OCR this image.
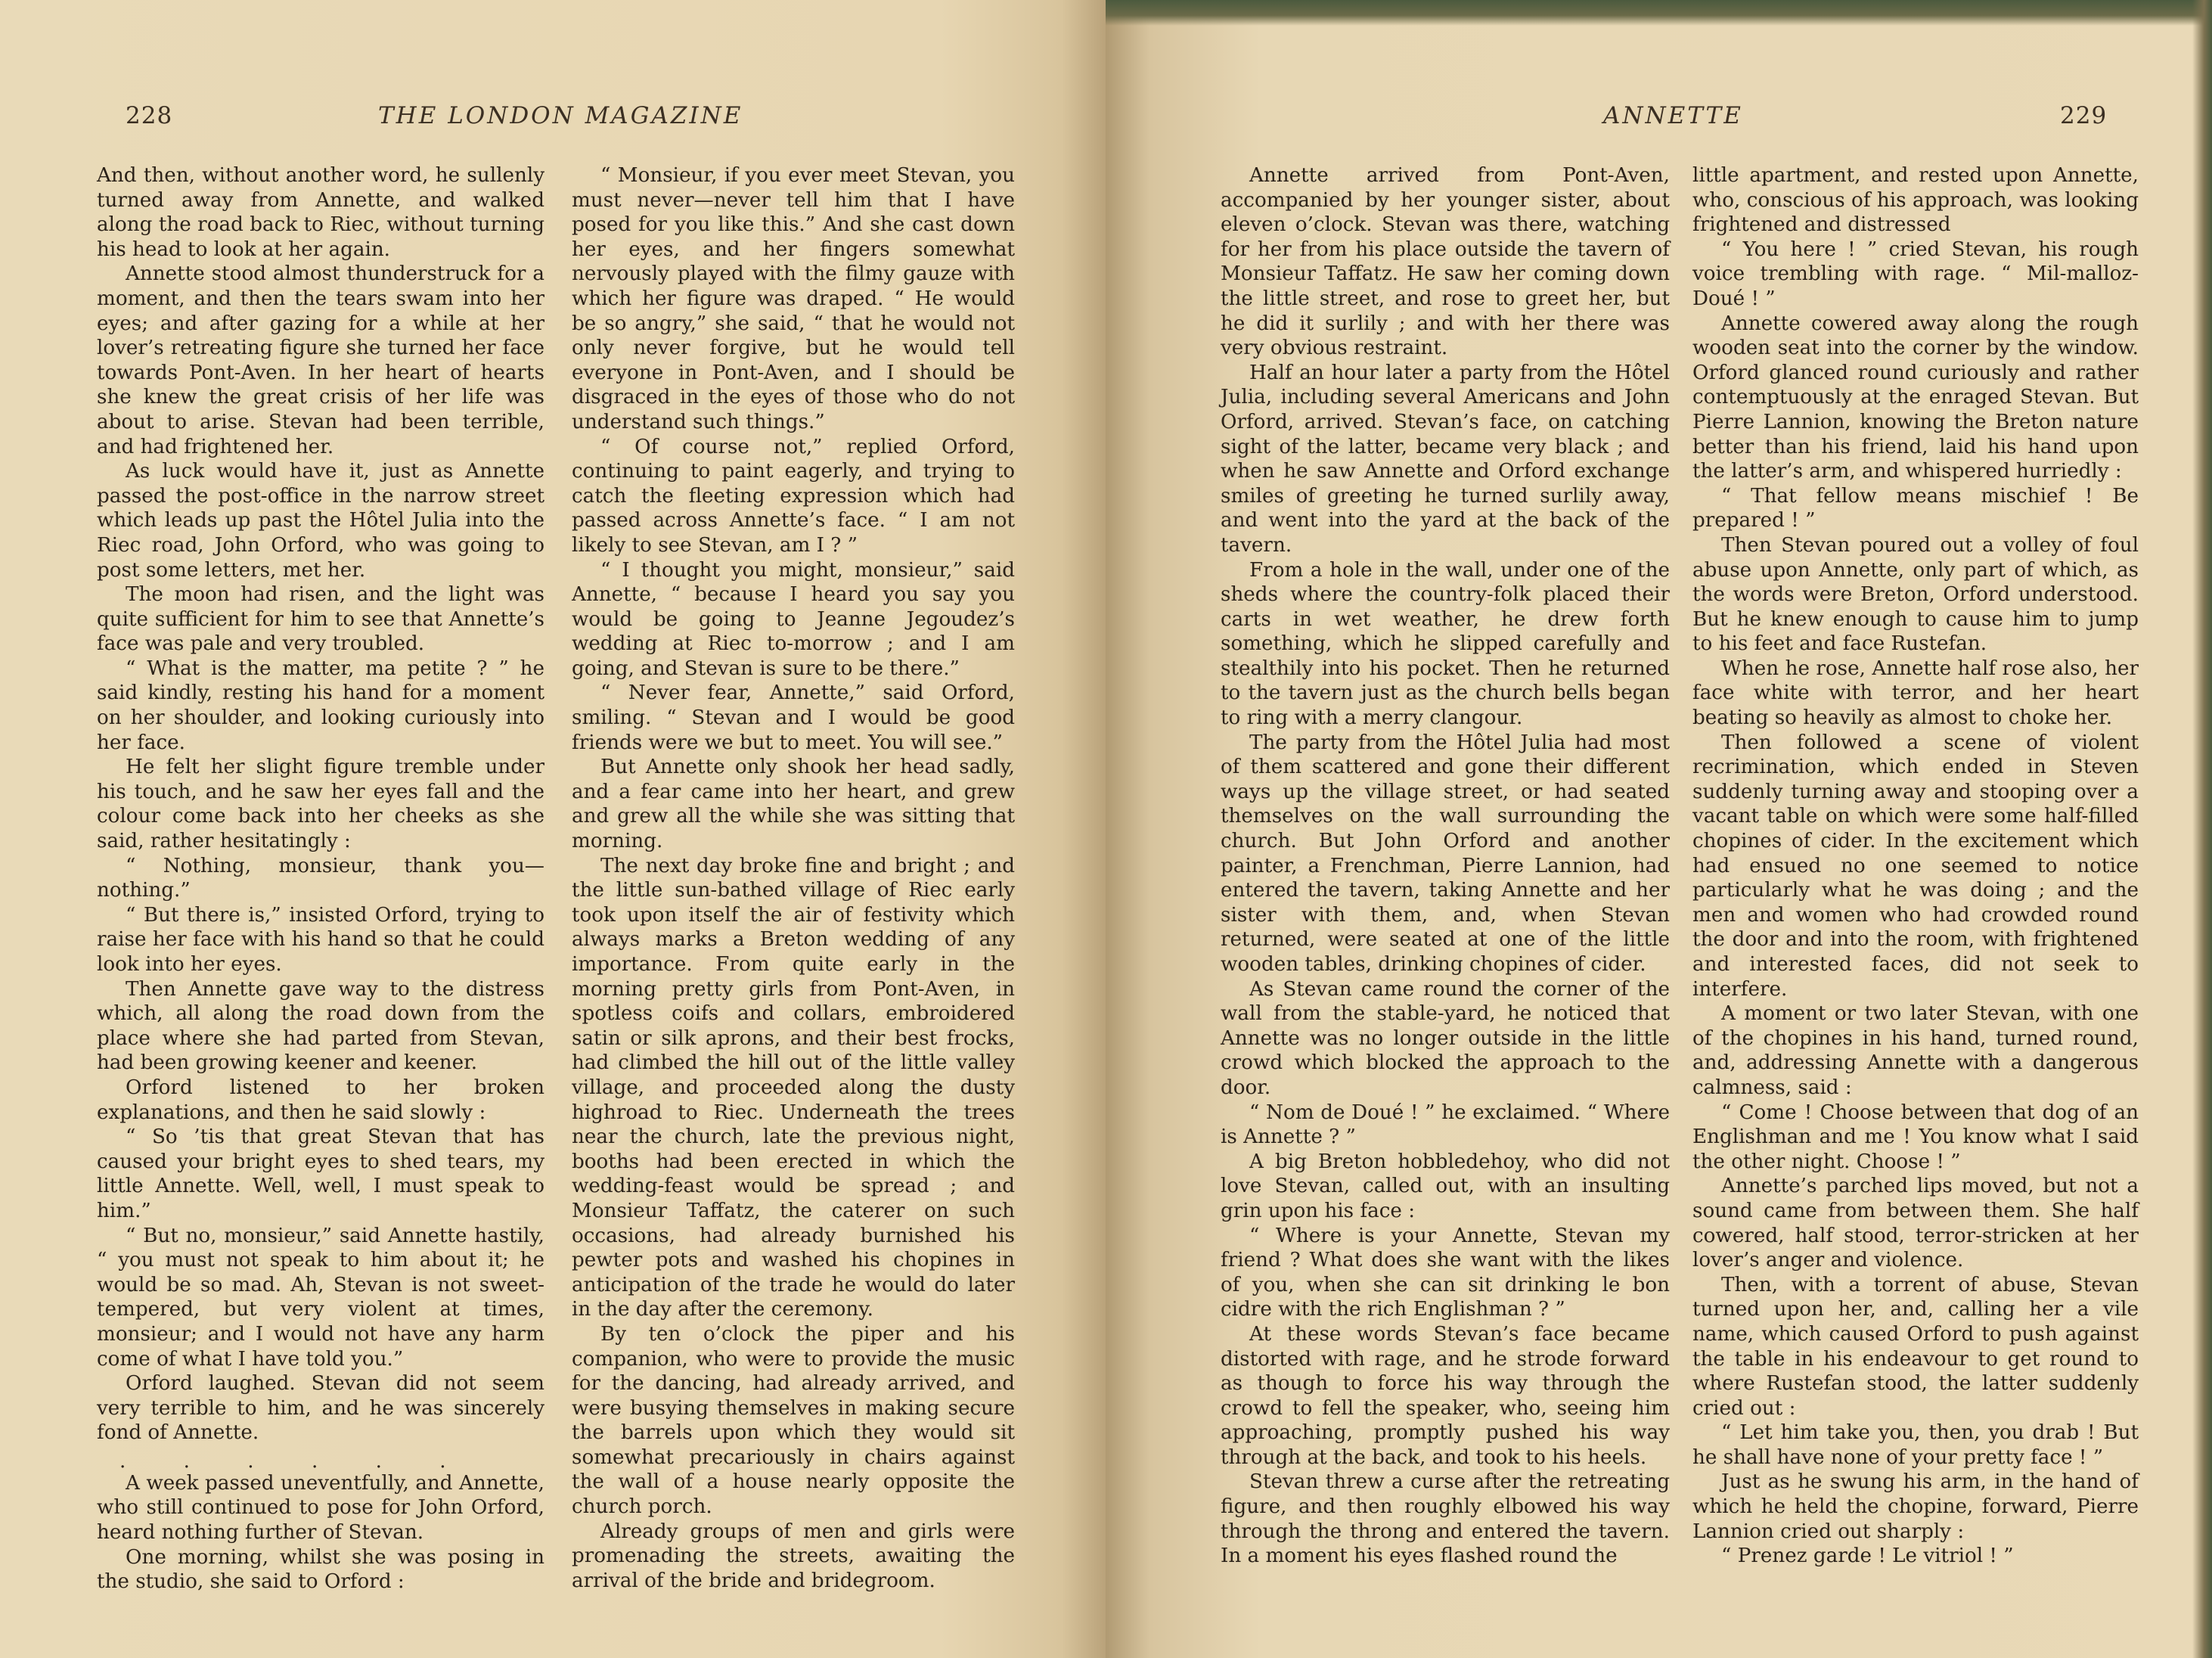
228	THE LONDON MAGAZINE

And then, without another word, he sullenly turned away from Annette, and walked along the road back to Riec, without turning his head to look at her again.

Annette stood almost thunderstruck for a moment, and then the tears swam into her eyes; and after gazing for a while at her lover’s retreating figure she turned her face towards Pont-Aven. In her heart of hearts she knew the great crisis of her life was about to arise. Stevan had been terrible, and had frightened her.

As luck would have it, just as Annette passed the post-office in the narrow street which leads up past the Hôtel Julia into the Riec road, John Orford, who was going to post some letters, met her.

The moon had risen, and the light was quite sufficient for him to see that Annette’s face was pale and very troubled.

“ What is the matter, ma petite ? ” he said kindly, resting his hand for a moment on her shoulder, and looking curiously into her face.

He felt her slight figure tremble under his touch, and he saw her eyes fall and the colour come back into her cheeks as she said, rather hesitatingly :

“ Nothing, monsieur, thank you—nothing.”

“ But there is,” insisted Orford, trying to raise her face with his hand so that he could look into her eyes.

Then Annette gave way to the distress which, all along the road down from the place where she had parted from Stevan, had been growing keener and keener.

Orford listened to her broken explanations, and then he said slowly :

“ So ’tis that great Stevan that has caused your bright eyes to shed tears, my little Annette. Well, well, I must speak to him.”

“ But no, monsieur,” said Annette hastily, “ you must not speak to him about it; he would be so mad. Ah, Stevan is not sweet-tempered, but very violent at times, monsieur; and I would not have any harm come of what I have told you.”

Orford laughed. Stevan did not seem very terrible to him, and he was sincerely fond of Annette.

. . . . . .

A week passed uneventfully, and Annette, who still continued to pose for John Orford, heard nothing further of Stevan.

One morning, whilst she was posing in the studio, she said to Orford :

“ Monsieur, if you ever meet Stevan, you must never—never tell him that I have posed for you like this.” And she cast down her eyes, and her fingers somewhat nervously played with the filmy gauze with which her figure was draped. “ He would be so angry,” she said, “ that he would not only never forgive, but he would tell everyone in Pont-Aven, and I should be disgraced in the eyes of those who do not understand such things.”

“ Of course not,” replied Orford, continuing to paint eagerly, and trying to catch the fleeting expression which had passed across Annette’s face. “ I am not likely to see Stevan, am I ? ”

“ I thought you might, monsieur,” said Annette, “ because I heard you say you would be going to Jeanne Jegoudez’s wedding at Riec to-morrow ; and I am going, and Stevan is sure to be there.”

“ Never fear, Annette,” said Orford, smiling. “ Stevan and I would be good friends were we but to meet. You will see.”

But Annette only shook her head sadly, and a fear came into her heart, and grew and grew all the while she was sitting that morning.

The next day broke fine and bright ; and the little sun-bathed village of Riec early took upon itself the air of festivity which always marks a Breton wedding of any importance. From quite early in the morning pretty girls from Pont-Aven, in spotless coifs and collars, embroidered satin or silk aprons, and their best frocks, had climbed the hill out of the little valley village, and proceeded along the dusty highroad to Riec. Underneath the trees near the church, late the previous night, booths had been erected in which the wedding-feast would be spread ; and Monsieur Taffatz, the caterer on such occasions, had already burnished his pewter pots and washed his chopines in anticipation of the trade he would do later in the day after the ceremony.

By ten o’clock the piper and his companion, who were to provide the music for the dancing, had already arrived, and were busying themselves in making secure the barrels upon which they would sit somewhat precariously in chairs against the wall of a house nearly opposite the church porch.

Already groups of men and girls were promenading the streets, awaiting the arrival of the bride and bridegroom.

ANNETTE	229

Annette arrived from Pont-Aven, accompanied by her younger sister, about eleven o’clock. Stevan was there, watching for her from his place outside the tavern of Monsieur Taffatz. He saw her coming down the little street, and rose to greet her, but he did it surlily ; and with her there was very obvious restraint.

Half an hour later a party from the Hôtel Julia, including several Americans and John Orford, arrived. Stevan’s face, on catching sight of the latter, became very black ; and when he saw Annette and Orford exchange smiles of greeting he turned surlily away, and went into the yard at the back of the tavern.

From a hole in the wall, under one of the sheds where the country-folk placed their carts in wet weather, he drew forth something, which he slipped carefully and stealthily into his pocket. Then he returned to the tavern just as the church bells began to ring with a merry clangour.

The party from the Hôtel Julia had most of them scattered and gone their different ways up the village street, or had seated themselves on the wall surrounding the church. But John Orford and another painter, a Frenchman, Pierre Lannion, had entered the tavern, taking Annette and her sister with them, and, when Stevan returned, were seated at one of the little wooden tables, drinking chopines of cider.

As Stevan came round the corner of the wall from the stable-yard, he noticed that Annette was no longer outside in the little crowd which blocked the approach to the door.

“ Nom de Doué ! ” he exclaimed. “ Where is Annette ? ”

A big Breton hobbledehoy, who did not love Stevan, called out, with an insulting grin upon his face :

“ Where is your Annette, Stevan my friend ? What does she want with the likes of you, when she can sit drinking le bon cidre with the rich Englishman ? ”

At these words Stevan’s face became distorted with rage, and he strode forward as though to force his way through the crowd to fell the speaker, who, seeing him approaching, promptly pushed his way through at the back, and took to his heels.

Stevan threw a curse after the retreating figure, and then roughly elbowed his way through the throng and entered the tavern. In a moment his eyes flashed round the

little apartment, and rested upon Annette, who, conscious of his approach, was looking frightened and distressed

“ You here ! ” cried Stevan, his rough voice trembling with rage. “ Mil-malloz-Doué ! ”

Annette cowered away along the rough wooden seat into the corner by the window. Orford glanced round curiously and rather contemptuously at the enraged Stevan. But Pierre Lannion, knowing the Breton nature better than his friend, laid his hand upon the latter’s arm, and whispered hurriedly :

“ That fellow means mischief ! Be prepared ! ”

Then Stevan poured out a volley of foul abuse upon Annette, only part of which, as the words were Breton, Orford understood. But he knew enough to cause him to jump to his feet and face Rustefan.

When he rose, Annette half rose also, her face white with terror, and her heart beating so heavily as almost to choke her.

Then followed a scene of violent recrimination, which ended in Steven suddenly turning away and stooping over a vacant table on which were some half-filled chopines of cider. In the excitement which had ensued no one seemed to notice particularly what he was doing ; and the men and women who had crowded round the door and into the room, with frightened and interested faces, did not seek to interfere.

A moment or two later Stevan, with one of the chopines in his hand, turned round, and, addressing Annette with a dangerous calmness, said :

“ Come ! Choose between that dog of an Englishman and me ! You know what I said the other night. Choose ! ”

Annette’s parched lips moved, but not a sound came from between them. She half cowered, half stood, terror-stricken at her lover’s anger and violence.

Then, with a torrent of abuse, Stevan turned upon her, and, calling her a vile name, which caused Orford to push against the table in his endeavour to get round to where Rustefan stood, the latter suddenly cried out :

“ Let him take you, then, you drab ! But he shall have none of your pretty face ! ”

Just as he swung his arm, in the hand of which he held the chopine, forward, Pierre Lannion cried out sharply :

“ Prenez garde ! Le vitriol ! ”
